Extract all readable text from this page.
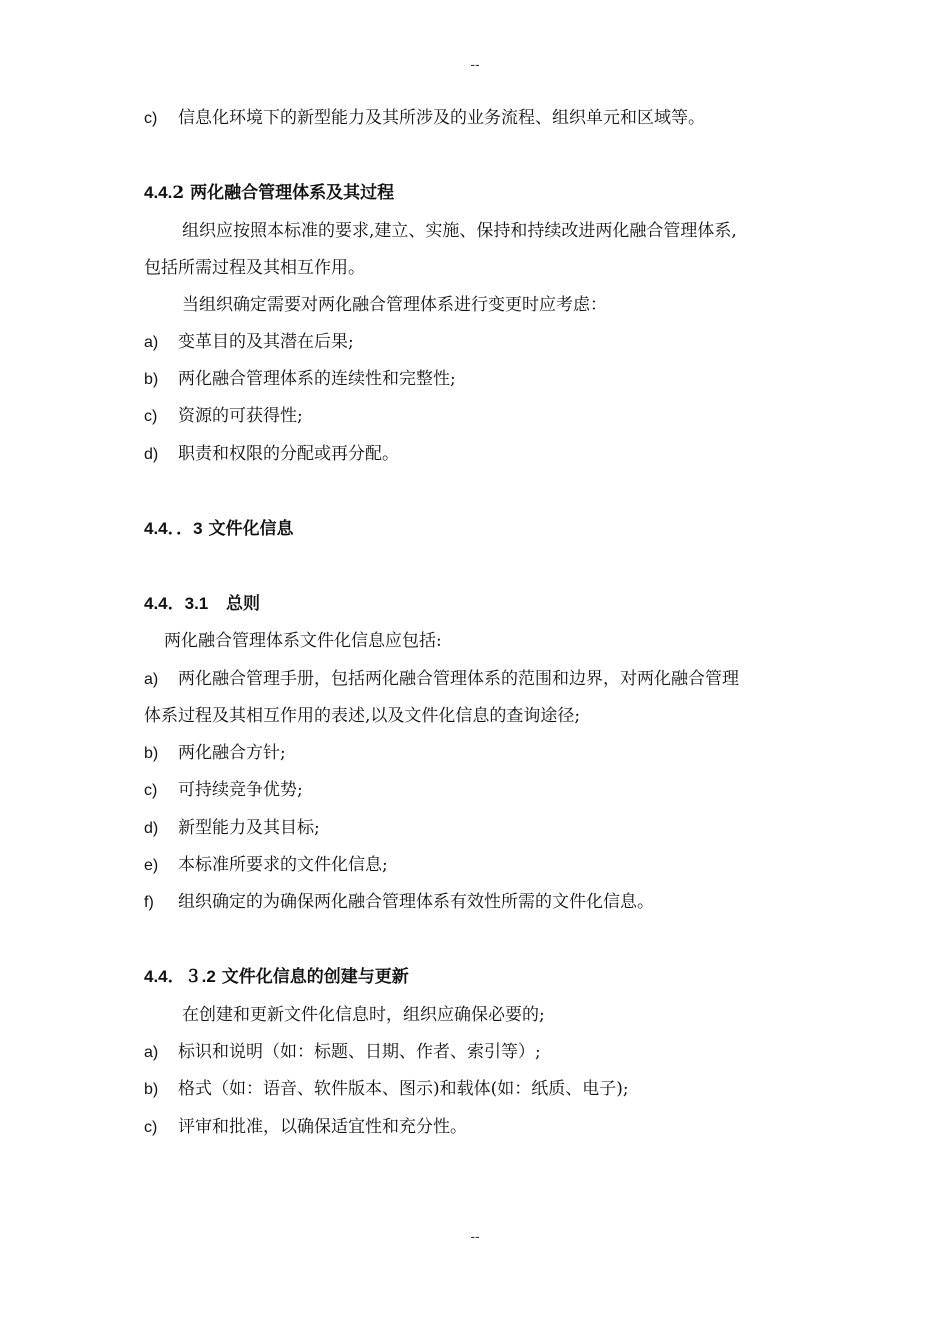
--
c) 信息化环境下的新型能力及其所涉及的业务流程、组织单元和区域等。
4.4.2 两化融合管理体系及其过程
组织应按照本标准的要求,建立、实施、保持和持续改进两化融合管理体系,
包括所需过程及其相互作用。
当组织确定需要对两化融合管理体系进行变更时应考虑：
a) 变革目的及其潜在后果;
b) 两化融合管理体系的连续性和完整性;
c) 资源的可获得性;
d) 职责和权限的分配或再分配。
4.4．．3 文件化信息
4.4．3.1 总则
两化融合管理体系文件化信息应包括:
a) 两化融合管理手册，包括两化融合管理体系的范围和边界，对两化融合管理
体系过程及其相互作用的表述,以及文件化信息的查询途径;
b) 两化融合方针;
c) 可持续竞争优势;
d) 新型能力及其目标;
e) 本标准所要求的文件化信息;
f) 组织确定的为确保两化融合管理体系有效性所需的文件化信息。
4.4．３.2 文件化信息的创建与更新
在创建和更新文件化信息时，组织应确保必要的;
a) 标识和说明（如：标题、日期、作者、索引等）;
b) 格式（如：语音、软件版本、图示)和载体(如：纸质、电子);
c) 评审和批准，以确保适宜性和充分性。
--
